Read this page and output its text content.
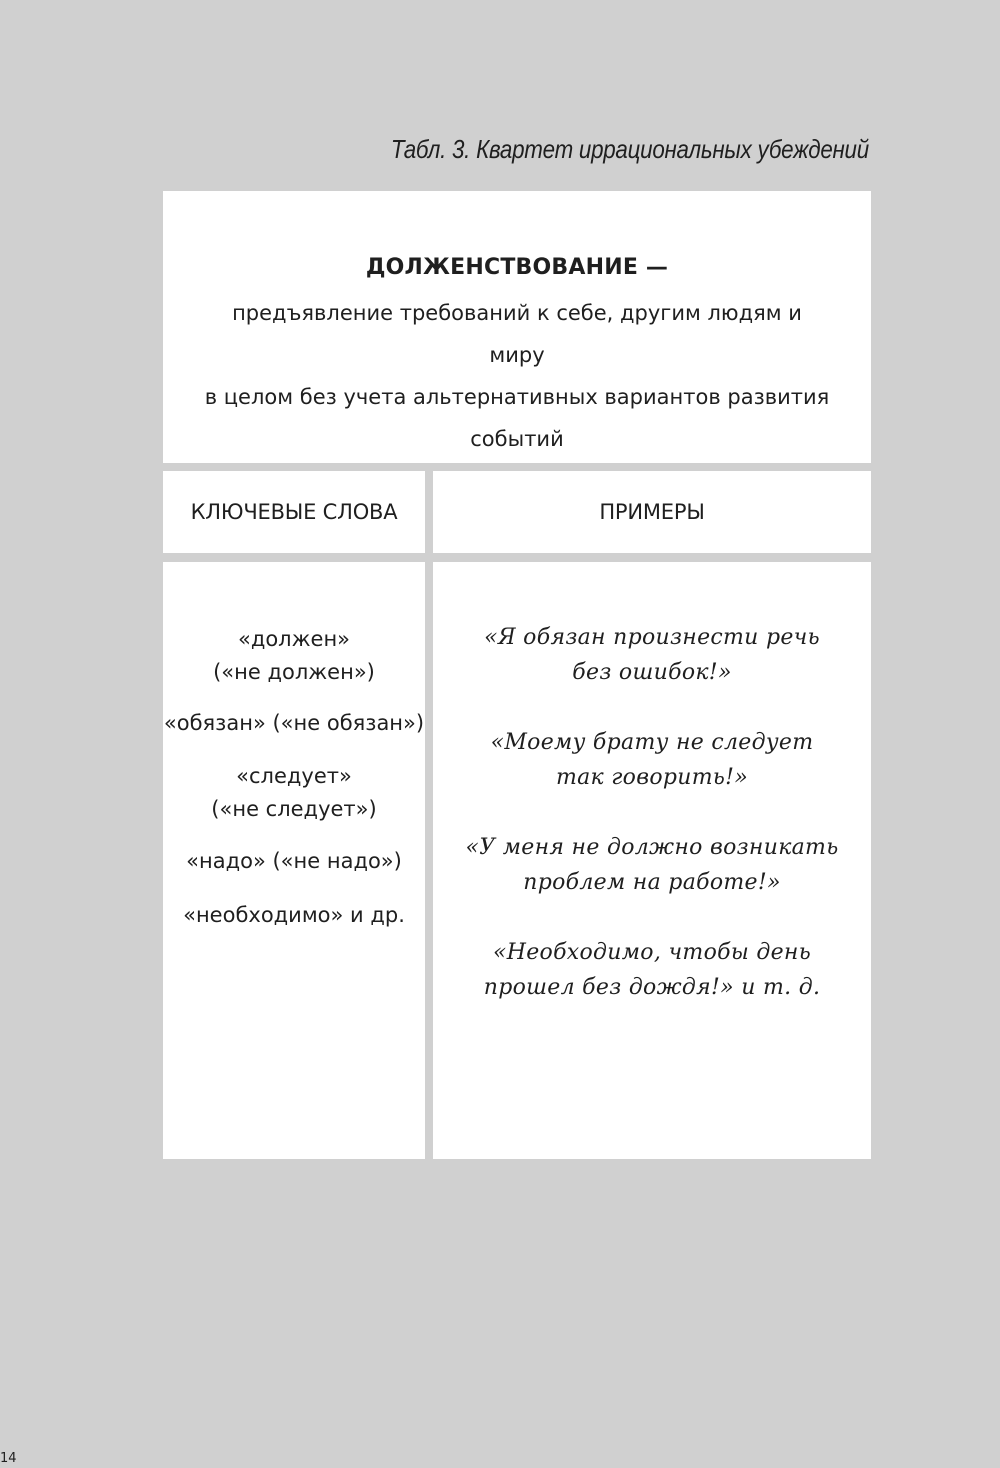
Табл. 3. Квартет иррациональных убеждений
ДОЛЖЕНСТВОВАНИЕ —
предъявление требований к себе, другим людям и миру
в целом без учета альтернативных вариантов развития
событий
КЛЮЧЕВЫЕ СЛОВА	ПРИМЕРЫ
«должен»
(«не должен»)
«обязан» («не обязан»)
«следует»
(«не следует»)
«надо» («не надо»)
«необходимо» и др.
«Я обязан произнести речь
без ошибок!»
«Моему брату не следует
так говорить!»
«У меня не должно возникать
проблем на работе!»
«Необходимо, чтобы день
прошел без дождя!» и т. д.
14
